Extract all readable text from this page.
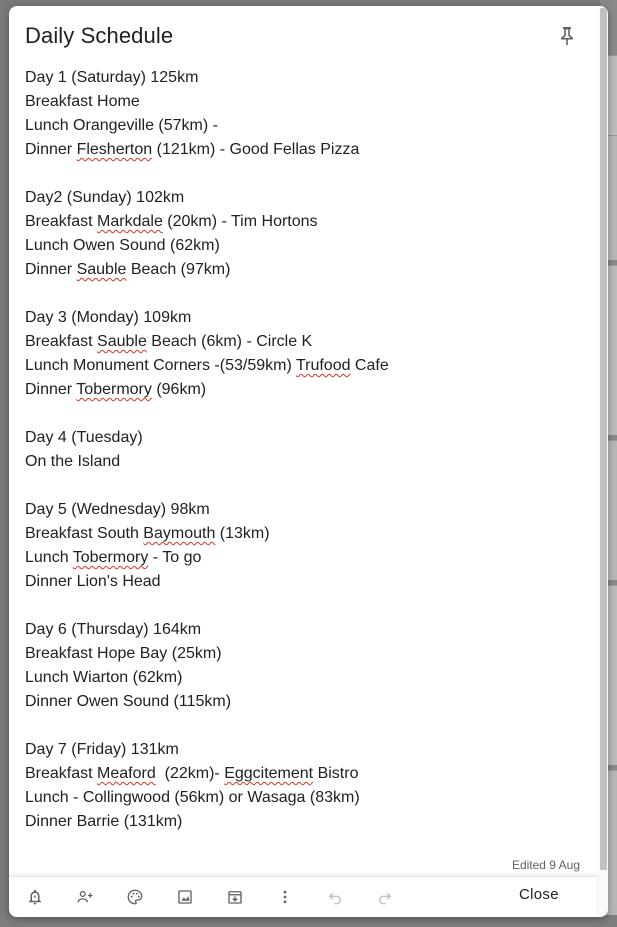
Daily Schedule
Day 1 (Saturday) 125km
Breakfast Home
Lunch Orangeville (57km) -
Dinner Flesherton (121km) - Good Fellas Pizza
Day2 (Sunday) 102km
Breakfast Markdale (20km) - Tim Hortons
Lunch Owen Sound (62km)
Dinner Sauble Beach (97km)
Day 3 (Monday) 109km
Breakfast Sauble Beach (6km) - Circle K
Lunch Monument Corners -(53/59km) Trufood Cafe
Dinner Tobermory (96km)
Day 4 (Tuesday)
On the Island
Day 5 (Wednesday) 98km
Breakfast South Baymouth (13km)
Lunch Tobermory - To go
Dinner Lion's Head
Day 6 (Thursday) 164km
Breakfast Hope Bay (25km)
Lunch Wiarton (62km)
Dinner Owen Sound (115km)
Day 7 (Friday) 131km
Breakfast Meaford  (22km)- Eggcitement Bistro
Lunch - Collingwood (56km) or Wasaga (83km)
Dinner Barrie (131km)
Edited 9 Aug
Close
